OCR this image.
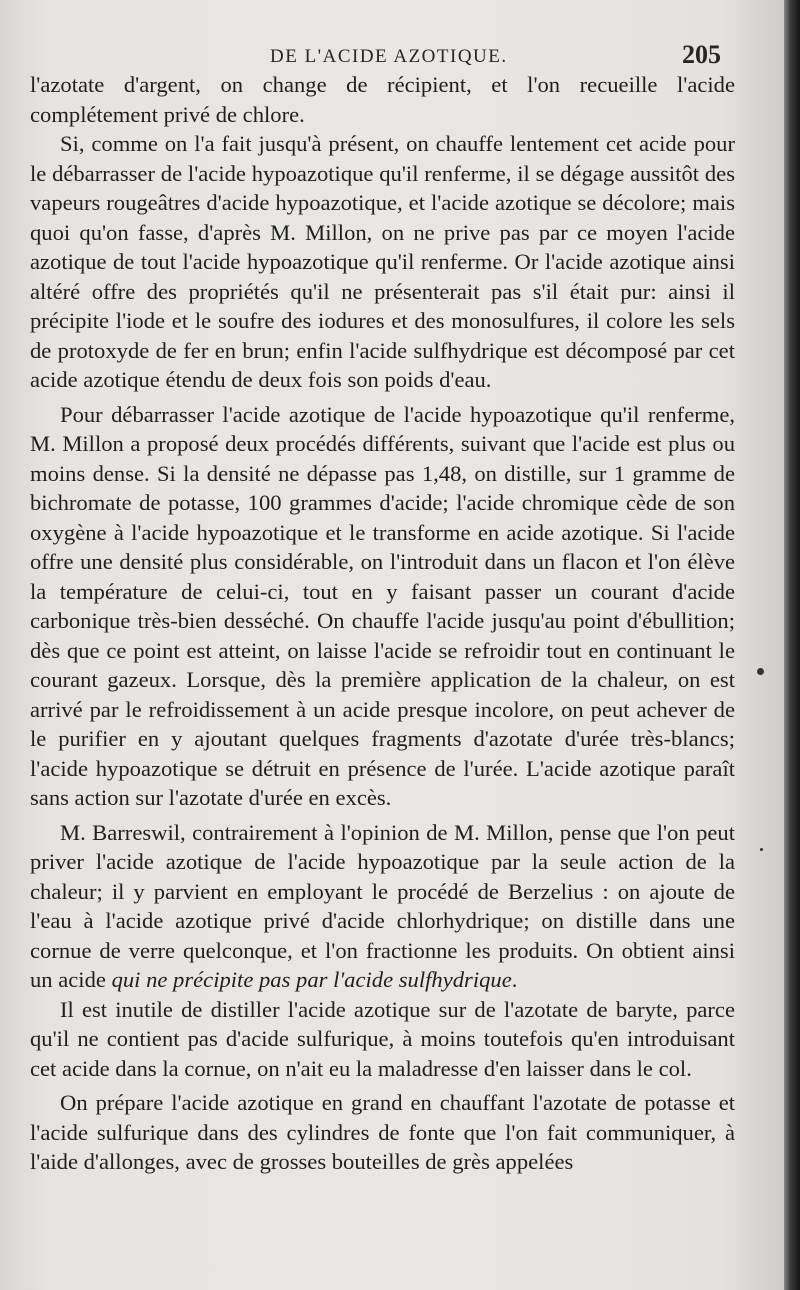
DE L'ACIDE AZOTIQUE.	205

l'azotate d'argent, on change de récipient, et l'on recueille l'acide complétement privé de chlore.

Si, comme on l'a fait jusqu'à présent, on chauffe lentement cet acide pour le débarrasser de l'acide hypoazotique qu'il renferme, il se dégage aussitôt des vapeurs rougeâtres d'acide hypoazotique, et l'acide azotique se décolore; mais quoi qu'on fasse, d'après M. Millon, on ne prive pas par ce moyen l'acide azotique de tout l'acide hypoazotique qu'il renferme. Or l'acide azotique ainsi altéré offre des propriétés qu'il ne présenterait pas s'il était pur: ainsi il précipite l'iode et le soufre des iodures et des monosulfures, il colore les sels de protoxyde de fer en brun; enfin l'acide sulfhydrique est décomposé par cet acide azotique étendu de deux fois son poids d'eau.

Pour débarrasser l'acide azotique de l'acide hypoazotique qu'il renferme, M. Millon a proposé deux procédés différents, suivant que l'acide est plus ou moins dense. Si la densité ne dépasse pas 1,48, on distille, sur 1 gramme de bichromate de potasse, 100 grammes d'acide; l'acide chromique cède de son oxygène à l'acide hypoazotique et le transforme en acide azotique. Si l'acide offre une densité plus considérable, on l'introduit dans un flacon et l'on élève la température de celui-ci, tout en y faisant passer un courant d'acide carbonique très-bien desséché. On chauffe l'acide jusqu'au point d'ébullition; dès que ce point est atteint, on laisse l'acide se refroidir tout en continuant le courant gazeux. Lorsque, dès la première application de la chaleur, on est arrivé par le refroidissement à un acide presque incolore, on peut achever de le purifier en y ajoutant quelques fragments d'azotate d'urée très-blancs; l'acide hypoazotique se détruit en présence de l'urée. L'acide azotique paraît sans action sur l'azotate d'urée en excès.

M. Barreswil, contrairement à l'opinion de M. Millon, pense que l'on peut priver l'acide azotique de l'acide hypoazotique par la seule action de la chaleur; il y parvient en employant le procédé de Berzelius : on ajoute de l'eau à l'acide azotique privé d'acide chlorhydrique; on distille dans une cornue de verre quelconque, et l'on fractionne les produits. On obtient ainsi un acide qui ne précipite pas par l'acide sulfhydrique.

Il est inutile de distiller l'acide azotique sur de l'azotate de baryte, parce qu'il ne contient pas d'acide sulfurique, à moins toutefois qu'en introduisant cet acide dans la cornue, on n'ait eu la maladresse d'en laisser dans le col.

On prépare l'acide azotique en grand en chauffant l'azotate de potasse et l'acide sulfurique dans des cylindres de fonte que l'on fait communiquer, à l'aide d'allonges, avec de grosses bouteilles de grès appelées
